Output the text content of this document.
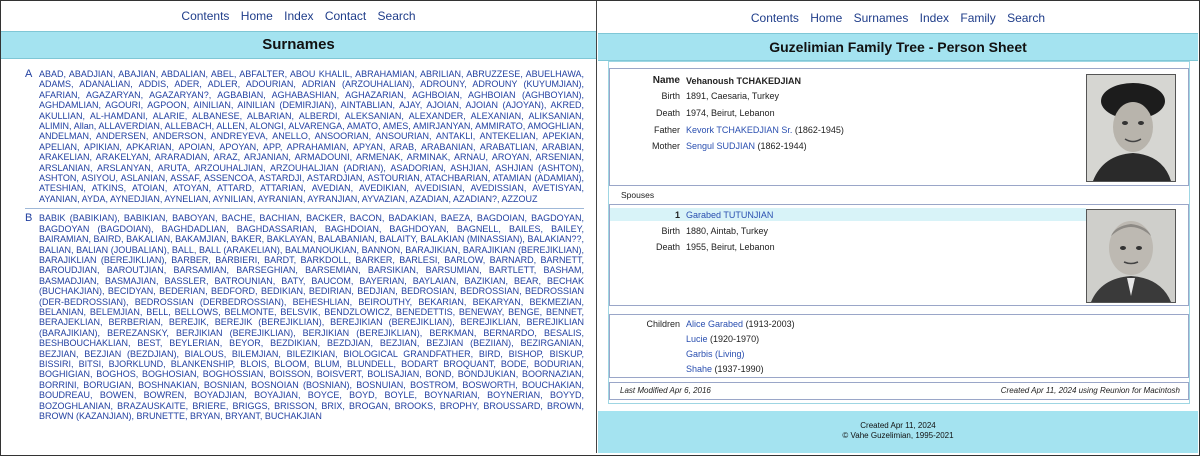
Contents Home Index Contact Search
Surnames
A ABAD, ABADJIAN, ABAJIAN, ABDALIAN, ABEL, ABFALTER, ABOU KHALIL, ABRAHAMIAN, ABRILIAN, ABRUZZESE, ABUELHAWA, ADAMS, ADANALIAN, ADDIS, ADER, ADLER, ADOURIAN, ADRIAN (ARZOUHALIAN), ADROUNY, ADROUNY (KUYUMJIAN), AFARIAN, AGAZARYAN, AGAZARYAN?, AGBABIAN, AGHABASHIAN, AGHAZARIAN, AGHBOIAN, AGHBOIAN (AGHBOYIAN), AGHDAMLIAN, AGOURI, AGPOON, AINILIAN, AINILIAN (DEMIRJIAN), AINTABLIAN, AJAY, AJOIAN, AJOIAN (AJOYAN), AKRED, AKULLIAN, AL-HAMDANI, ALARIE, ALBANESE, ALBARIAN, ALBERDI, ALEKSANIAN, ALEXANDER, ALEXANIAN, ALIKSANIAN, ALIMIN, Allan, ALLAVERDIAN, ALLEBACH, ALLEN, ALONGI, ALVARENGA, AMATO, AMES, AMIRJANYAN, AMMIRATO, AMOGHLIAN, ANDELMAN, ANDERSEN, ANDERSON, ANDREYEVA, ANELLO, ANSOORIAN, ANSOURIAN, ANTAKLI, ANTEKELIAN, APEKIAN, APELIAN, APIKIAN, APKARIAN, APOIAN, APOYAN, APP, APRAHAMIAN, APYAN, ARAB, ARABANIAN, ARABATLIAN, ARABIAN, ARAKELIAN, ARAKELYAN, ARARADIAN, ARAZ, ARJANIAN, ARMADOUNI, ARMENAK, ARMINAK, ARNAU, AROYAN, ARSENIAN, ARSLANIAN, ARSLANYAN, ARUTA, ARZOUHALJIAN, ARZOUHALJIAN (ADRIAN), ASADORIAN, ASHJIAN, ASHJIAN (ASHTON), ASHTON, ASIYOU, ASLANIAN, ASSAF, ASSENCOA, ASTARDJI, ASTARDJIAN, ASTOURIAN, ATACHBARIAN, ATAMIAN (ADAMIAN), ATESHIAN, ATKINS, ATOIAN, ATOYAN, ATTARD, ATTARIAN, AVEDIAN, AVEDIKIAN, AVEDISIAN, AVEDISSIAN, AVETISYAN, AYANIAN, AYDA, AYNEDJIAN, AYNELIAN, AYNILIAN, AYRANIAN, AYRANJIAN, AYVAZIAN, AZADIAN, AZADIAN?, AZZOUZ
B BABIK (BABIKIAN), BABIKIAN, BABOYAN, BACHE, BACHIAN, BACKER, BACON, BADAKIAN, BAEZA, BAGDOIAN, BAGDOYAN, BAGDOYAN (BAGDOIAN), BAGHDADLIAN, BAGHDASSARIAN, BAGHDOIAN, BAGHDOYAN, BAGNELL, BAILES, BAILEY, BAIRAMIAN, BAIRD, BAKALIAN, BAKAMJIAN, BAKER, BAKLAYAN, BALABANIAN, BALAITY, BALAKIAN (MINASSIAN), BALAKIAN??, BALIAN, BALIAN (JOUBALIAN), BALL, BALL (ARAKELIAN), BALMANOUKIAN, BANNON, BARAJIKIAN, BARAJIKIAN (BEREJIKLIAN), BARAJIKLIAN (BEREJIKLIAN), BARBER, BARBIERI, BARDT, BARKDOLL, BARKER, BARLESI, BARLOW, BARNARD, BARNETT, BAROUDJIAN, BAROUTJIAN, BARSAMIAN, BARSEGHIAN, BARSEMIAN, BARSIKIAN, BARSUMIAN, BARTLETT, BASHAM, BASMADJIAN, BASMAJIAN, BASSLER, BATROUNIAN, BATY, BAUCOM, BAYERIAN, BAYLAIAN, BAZIKIAN, BEAR, BECHAK (BUCHAKJIAN), BECIDYAN, BEDERIAN, BEDFORD, BEDIKIAN, BEDIRIAN, BEDJIAN, BEDROSIAN, BEDROSSIAN, BEDROSSIAN (DER-BEDROSSIAN), BEDROSSIAN (DERBEDROSSIAN), BEHESHLIAN, BEIROUTHY, BEKARIAN, BEKARYAN, BEKMEZIAN, BELANIAN, BELEMJIAN, BELL, BELLOWS, BELMONTE, BELSVIK, BENDZLOWICZ, BENEDETTIS, BENEWAY, BENGE, BENNET, BERAJEKLIAN, BERBERIAN, BEREJIK, BEREJIK (BEREJIKLIAN), BEREJIKIAN (BEREJIKLIAN), BEREJIKLIAN, BEREJIKLIAN (BARAJIKIAN), BEREZANSKY, BERJIKIAN (BEREJIKLIAN), BERJIKIAN (BEREJIKLIAN), BERKMAN, BERNARDO, BESALIS, BESHBOUCHAKLIAN, BEST, BEYLERIAN, BEYOR, BEZDIKIAN, BEZDJIAN, BEZJIAN, BEZJIAN (BEZIIAN), BEZIRGANIAN, BEZJIAN, BEZJIAN (BEZDJIAN), BIALOUS, BILEMJIAN, BILEZIKIAN, BIOLOGICAL GRANDFATHER, BIRD, BISHOP, BISKUP, BISSIRI, BITSI, BJORKLUND, BLANKENSHIP, BLOIS, BLOOM, BLUM, BLUNDELL, BODART BROQUANT, BODE, BODURIAN, BOGHIGIAN, BOGHOS, BOGHOSIAN, BOGHOSSIAN, BOISSON, BOISVERT, BOLISAJIAN, BOND, BONDJUKIAN, BOORNAZIAN, BORRINI, BORUGIAN, BOSHNAKIAN, BOSNIAN, BOSNOIAN (BOSNIAN), BOSNUIAN, BOSTROM, BOSWORTH, BOUCHAKIAN, BOUDREAU, BOWEN, BOWREN, BOYADJIAN, BOYAJIAN, BOYCE, BOYD, BOYLE, BOYNARIAN, BOYNERIAN, BOYYD, BOZOGHLANIAN, BRAZAUSKAITE, BRIERE, BRIGGS, BRISSON, BRIX, BROGAN, BROOKS, BROPHY, BROUSSARD, BROWN, BROWN (KAZANJIAN), BRUNETTE, BRYAN, BRYANT, BUCHAKJIAN
Contents Home Surnames Index Family Search
Guzelimian Family Tree - Person Sheet
Name Vehanoush TCHAKEDJIAN
Birth 1891, Caesaria, Turkey
Death 1974, Beirut, Lebanon
Father Kevork TCHAKEDJIAN Sr. (1862-1945)
Mother Sengul SUDJIAN (1862-1944)
Spouses
1 Garabed TUTUNJIAN
Birth 1880, Aintab, Turkey
Death 1955, Beirut, Lebanon
Children Alice Garabed (1913-2003)
Lucie (1920-1970)
Garbis (Living)
Shahe (1937-1990)
Last Modified Apr 6, 2016	Created Apr 11, 2024 using Reunion for Macintosh
Created Apr 11, 2024
© Vahe Guzelimian, 1995-2021
